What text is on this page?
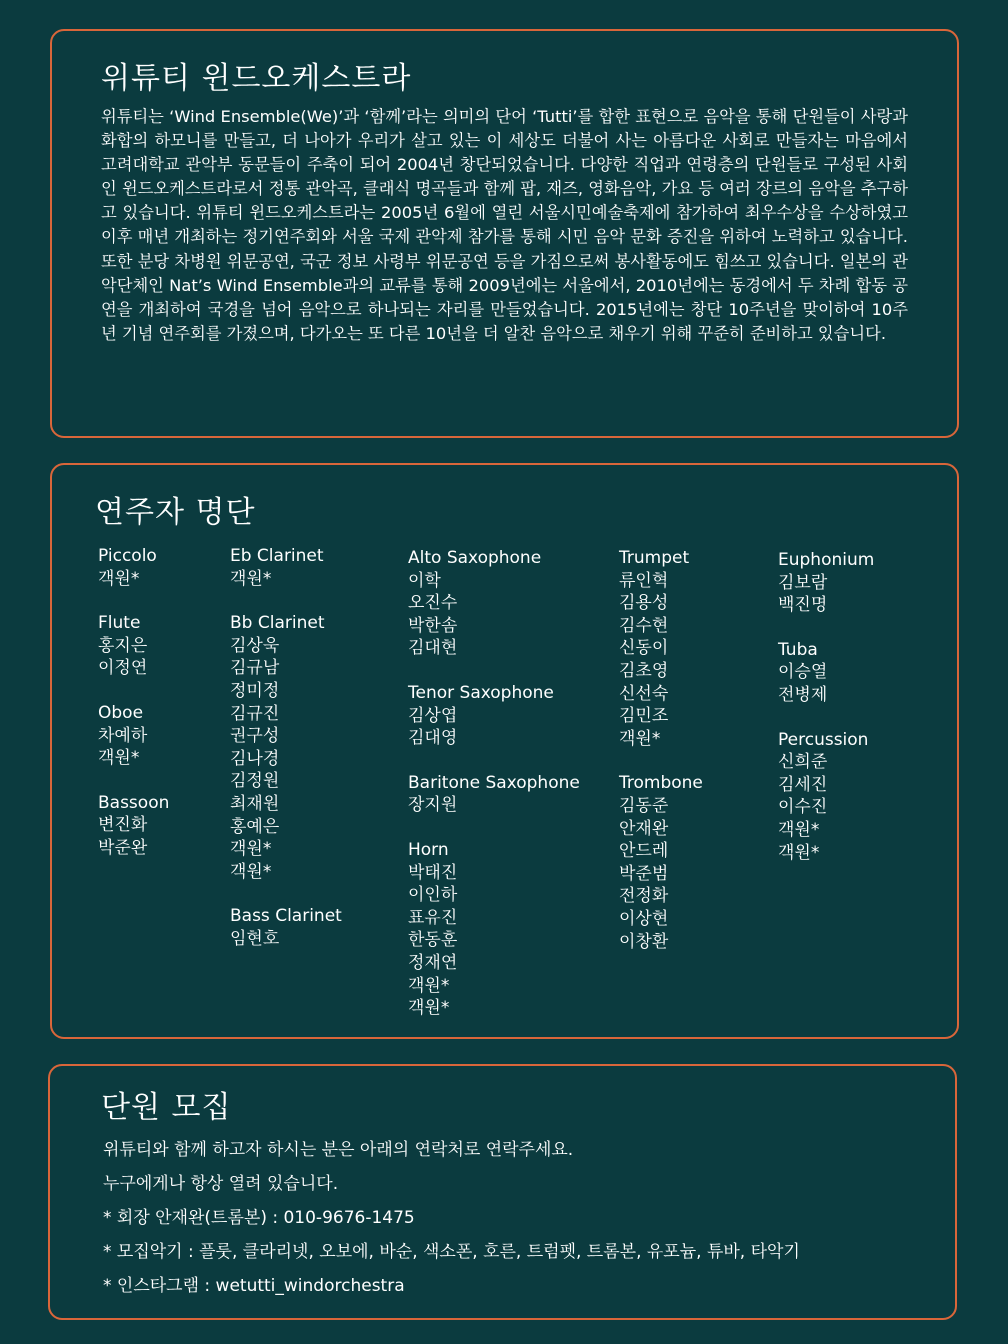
위튜티 윈드오케스트라

위튜티는 ‘Wind Ensemble(We)’과 ‘함께’라는 의미의 단어 ‘Tutti’를 합한 표현으로 음악을 통해 단원들이 사랑과 화합의 하모니를 만들고, 더 나아가 우리가 살고 있는 이 세상도 더불어 사는 아름다운 사회로 만들자는 마음에서 고려대학교 관악부 동문들이 주축이 되어 2004년 창단되었습니다. 다양한 직업과 연령층의 단원들로 구성된 사회인 윈드오케스트라로서 정통 관악곡, 클래식 명곡들과 함께 팝, 재즈, 영화음악, 가요 등 여러 장르의 음악을 추구하고 있습니다. 위튜티 윈드오케스트라는 2005년 6월에 열린 서울시민예술축제에 참가하여 최우수상을 수상하였고 이후 매년 개최하는 정기연주회와 서울 국제 관악제 참가를 통해 시민 음악 문화 증진을 위하여 노력하고 있습니다. 또한 분당 차병원 위문공연, 국군 정보 사령부 위문공연 등을 가짐으로써 봉사활동에도 힘쓰고 있습니다. 일본의 관악단체인 Nat’s Wind Ensemble과의 교류를 통해 2009년에는 서울에서, 2010년에는 동경에서 두 차례 합동 공연을 개최하여 국경을 넘어 음악으로 하나되는 자리를 만들었습니다. 2015년에는 창단 10주년을 맞이하여 10주년 기념 연주회를 가졌으며, 다가오는 또 다른 10년을 더 알찬 음악으로 채우기 위해 꾸준히 준비하고 있습니다.

연주자 명단
Piccolo
객원*
Flute
홍지은
이정연
Oboe
차예하
객원*
Bassoon
변진화
박준완
Eb Clarinet
객원*
Bb Clarinet
김상욱
김규남
정미정
김규진
권구성
김나경
김정원
최재원
홍예은
객원*
객원*
Bass Clarinet
임현호
Alto Saxophone
이학
오진수
박한솜
김대현
Tenor Saxophone
김상엽
김대영
Baritone Saxophone
장지원
Horn
박태진
이인하
표유진
한동훈
정재연
객원*
객원*
Trumpet
류인혁
김용성
김수현
신동이
김초영
신선숙
김민조
객원*
Trombone
김동준
안재완
안드레
박준범
전정화
이상현
이창환
Euphonium
김보람
백진명
Tuba
이승열
전병제
Percussion
신희준
김세진
이수진
객원*
객원*
단원 모집
위튜티와 함께 하고자 하시는 분은 아래의 연락처로 연락주세요.
누구에게나 항상 열려 있습니다.
* 회장 안재완(트롬본) : 010-9676-1475
* 모집악기 : 플룻, 클라리넷, 오보에, 바순, 색소폰, 호른, 트럼펫, 트롬본, 유포늄, 튜바, 타악기
* 인스타그램 : wetutti_windorchestra
